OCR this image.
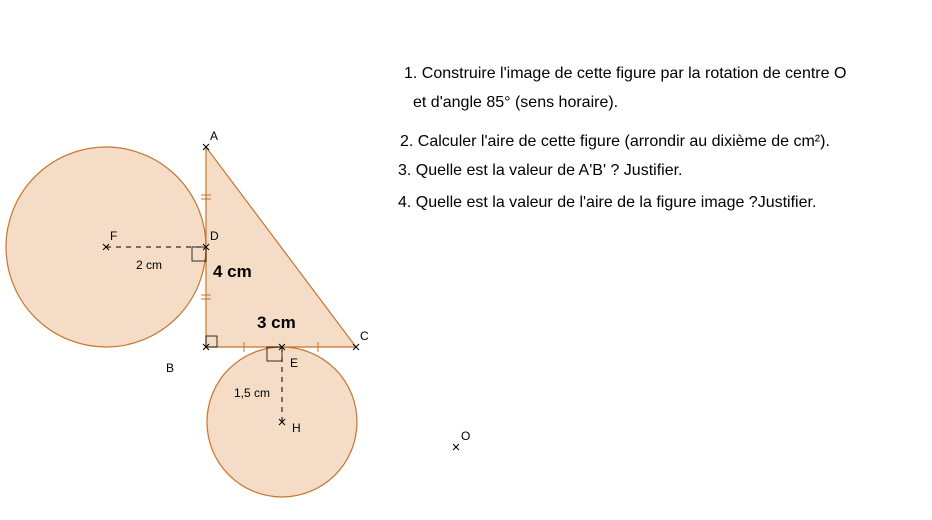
A
D
F
B
C
E
H
O
2 cm
1,5 cm
4 cm
3 cm
1. Construire l'image de cette figure par la rotation de centre O
et d'angle 85° (sens horaire).
2. Calculer l'aire de cette figure (arrondir au dixième de cm²).
3. Quelle est la valeur de A'B' ? Justifier.
4. Quelle est la valeur de l'aire de la figure image ?Justifier.
